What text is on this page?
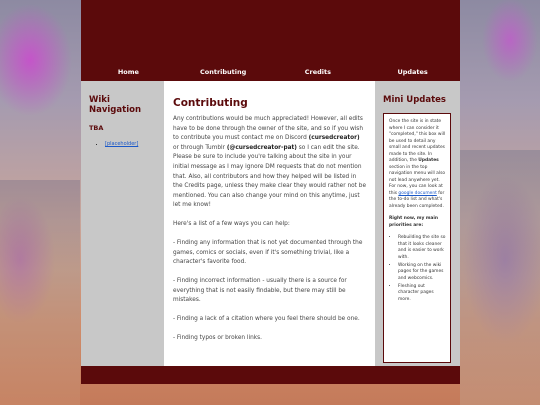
Home	Contributing	Credits	Updates
Wiki Navigation
TBA
• [placeholder]
Contributing

Any contributions would be much appreciated! However, all edits have to be done through the owner of the site, and so if you wish to contribute you must contact me on Discord (cursedcreator) or through Tumblr (@cursedcreator-pat) so I can edit the site. Please be sure to include you're talking about the site in your initial message as I may ignore DM requests that do not mention that. Also, all contributors and how they helped will be listed in the Credits page, unless they make clear they would rather not be mentioned. You can also change your mind on this anytime, just let me know!

Here's a list of a few ways you can help:

- Finding any information that is not yet documented through the games, comics or socials, even if it's something trivial, like a character's favorite food.

- Finding incorrect information - usually there is a source for everything that is not easily findable, but there may still be mistakes.

- Finding a lack of a citation where you feel there should be one.

- Finding typos or broken links.

Mini Updates

Once the site is in state where I can consider it "completed," this box will be used to detail any small and recent updates made to the site. In addition, the Updates section in the top navigation menu will also not lead anywhere yet. For now, you can look at this google document for the to-do list and what's already been completed.

Right now, my main priorities are:

• Rebuilding the site so that it looks cleaner and is easier to work with.
• Working on the wiki pages for the games and webcomics.
• Fleshing out character pages more.
